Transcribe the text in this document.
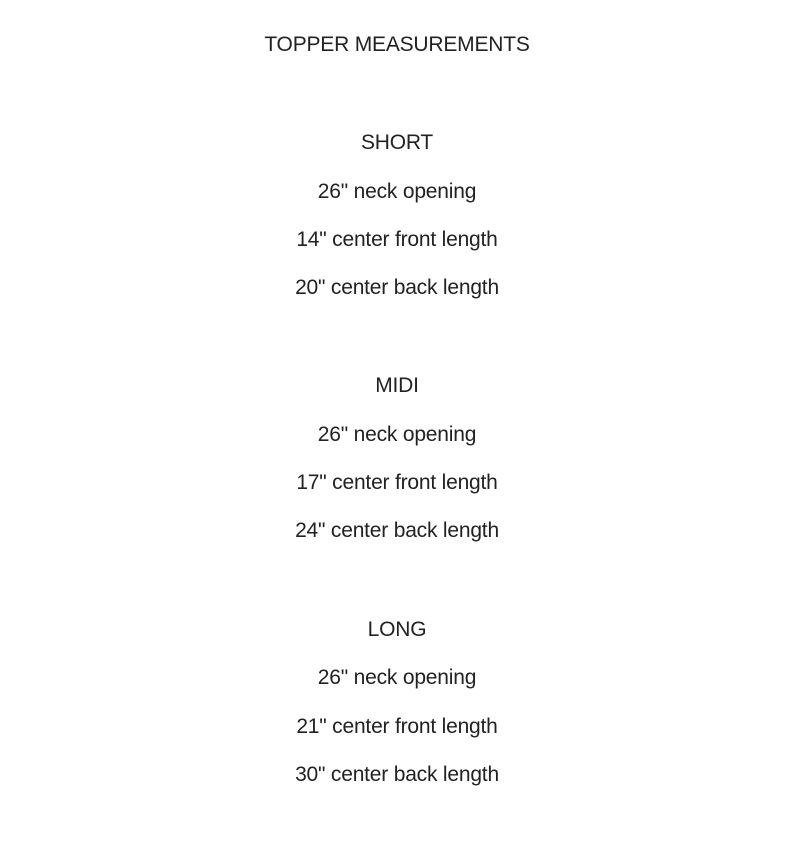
TOPPER MEASUREMENTS
SHORT
26" neck opening
14" center front length
20" center back length
MIDI
26" neck opening
17" center front length
24" center back length
LONG
26" neck opening
21" center front length
30" center back length
